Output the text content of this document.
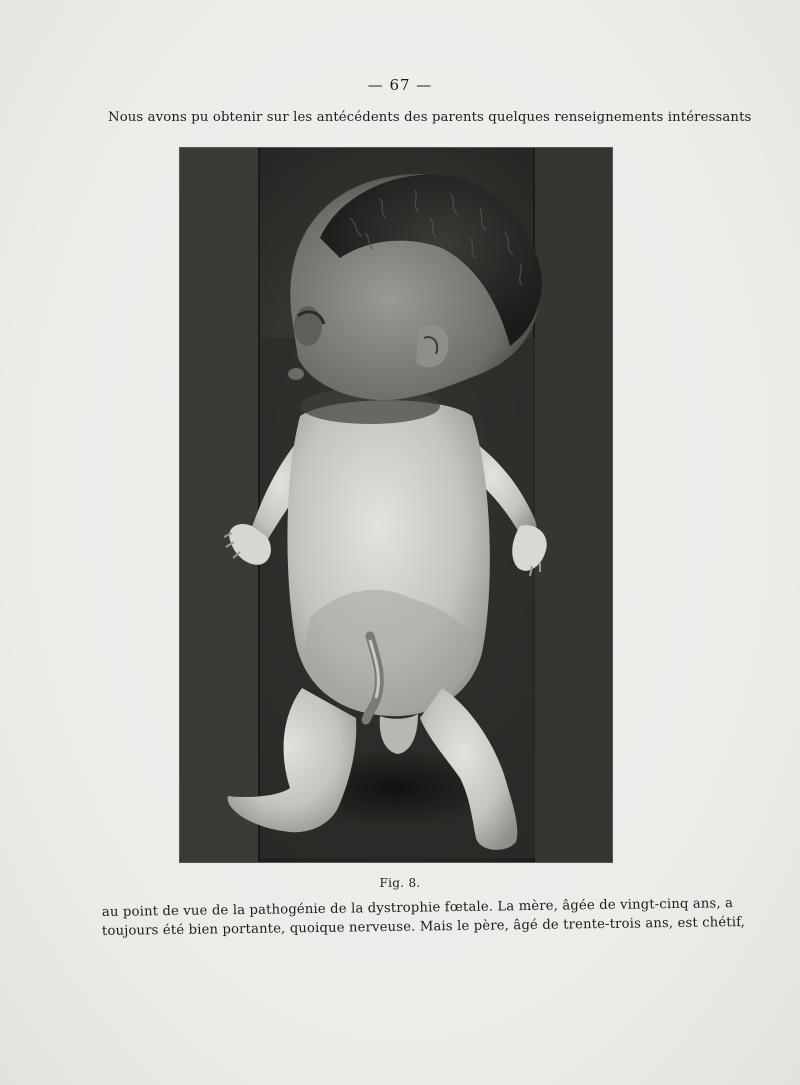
— 67 —
Nous avons pu obtenir sur les antécédents des parents quelques renseignements intéressants
Fig. 8.
au point de vue de la pathogénie de la dystrophie fœtale. La mère, âgée de vingt-cinq ans, a
toujours été bien portante, quoique nerveuse. Mais le père, âgé de trente-trois ans, est chétif,
